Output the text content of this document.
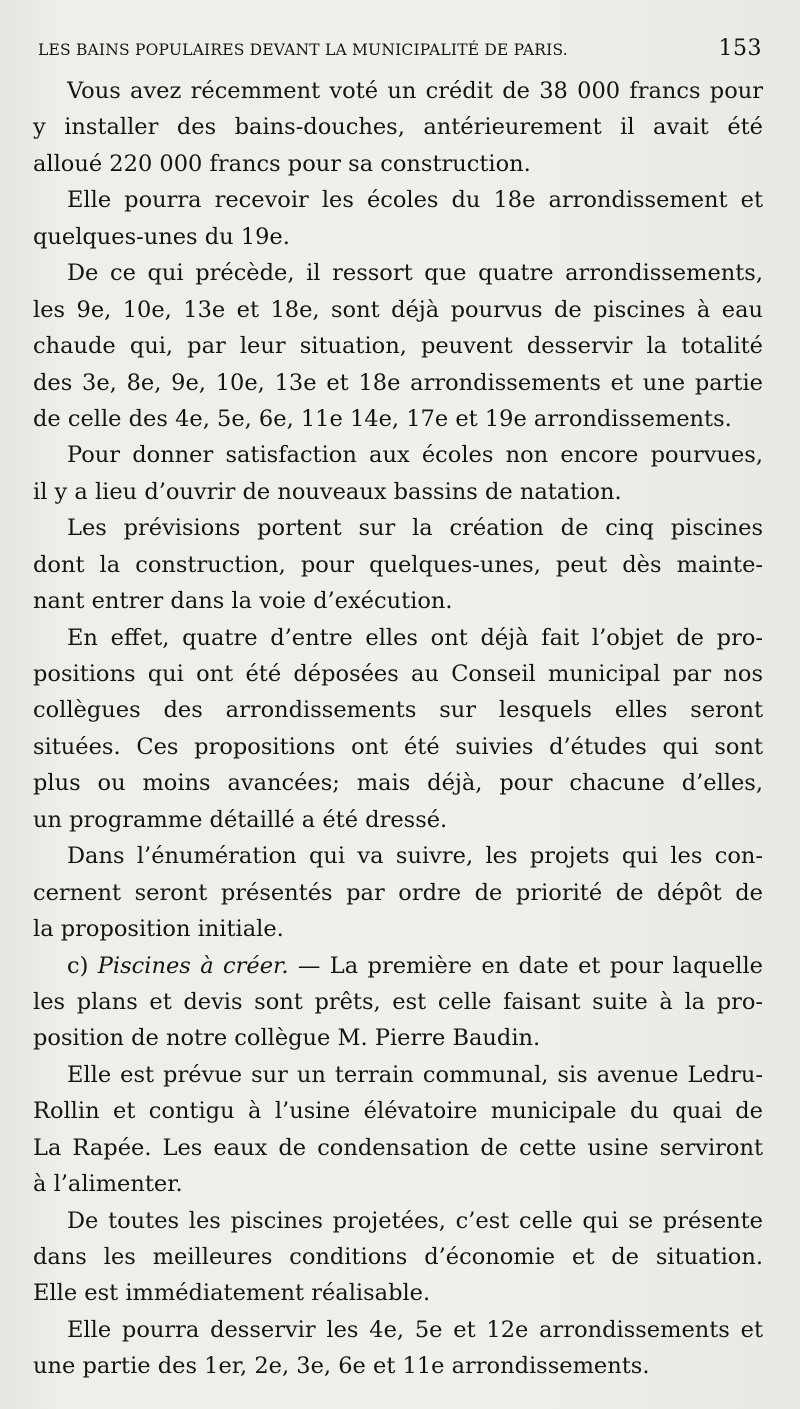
LES BAINS POPULAIRES DEVANT LA MUNICIPALITÉ DE PARIS.	153
Vous avez récemment voté un crédit de 38 000 francs pour
y installer des bains-douches, antérieurement il avait été
alloué 220 000 francs pour sa construction.
Elle pourra recevoir les écoles du 18e arrondissement et
quelques-unes du 19e.
De ce qui précède, il ressort que quatre arrondissements,
les 9e, 10e, 13e et 18e, sont déjà pourvus de piscines à eau
chaude qui, par leur situation, peuvent desservir la totalité
des 3e, 8e, 9e, 10e, 13e et 18e arrondissements et une partie
de celle des 4e, 5e, 6e, 11e 14e, 17e et 19e arrondissements.
Pour donner satisfaction aux écoles non encore pourvues,
il y a lieu d’ouvrir de nouveaux bassins de natation.
Les prévisions portent sur la création de cinq piscines
dont la construction, pour quelques-unes, peut dès mainte-
nant entrer dans la voie d’exécution.
En effet, quatre d’entre elles ont déjà fait l’objet de pro-
positions qui ont été déposées au Conseil municipal par nos
collègues des arrondissements sur lesquels elles seront
situées. Ces propositions ont été suivies d’études qui sont
plus ou moins avancées; mais déjà, pour chacune d’elles,
un programme détaillé a été dressé.
Dans l’énumération qui va suivre, les projets qui les con-
cernent seront présentés par ordre de priorité de dépôt de
la proposition initiale.
c) Piscines à créer. — La première en date et pour laquelle
les plans et devis sont prêts, est celle faisant suite à la pro-
position de notre collègue M. Pierre Baudin.
Elle est prévue sur un terrain communal, sis avenue Ledru-
Rollin et contigu à l’usine élévatoire municipale du quai de
La Rapée. Les eaux de condensation de cette usine serviront
à l’alimenter.
De toutes les piscines projetées, c’est celle qui se présente
dans les meilleures conditions d’économie et de situation.
Elle est immédiatement réalisable.
Elle pourra desservir les 4e, 5e et 12e arrondissements et
une partie des 1er, 2e, 3e, 6e et 11e arrondissements.
